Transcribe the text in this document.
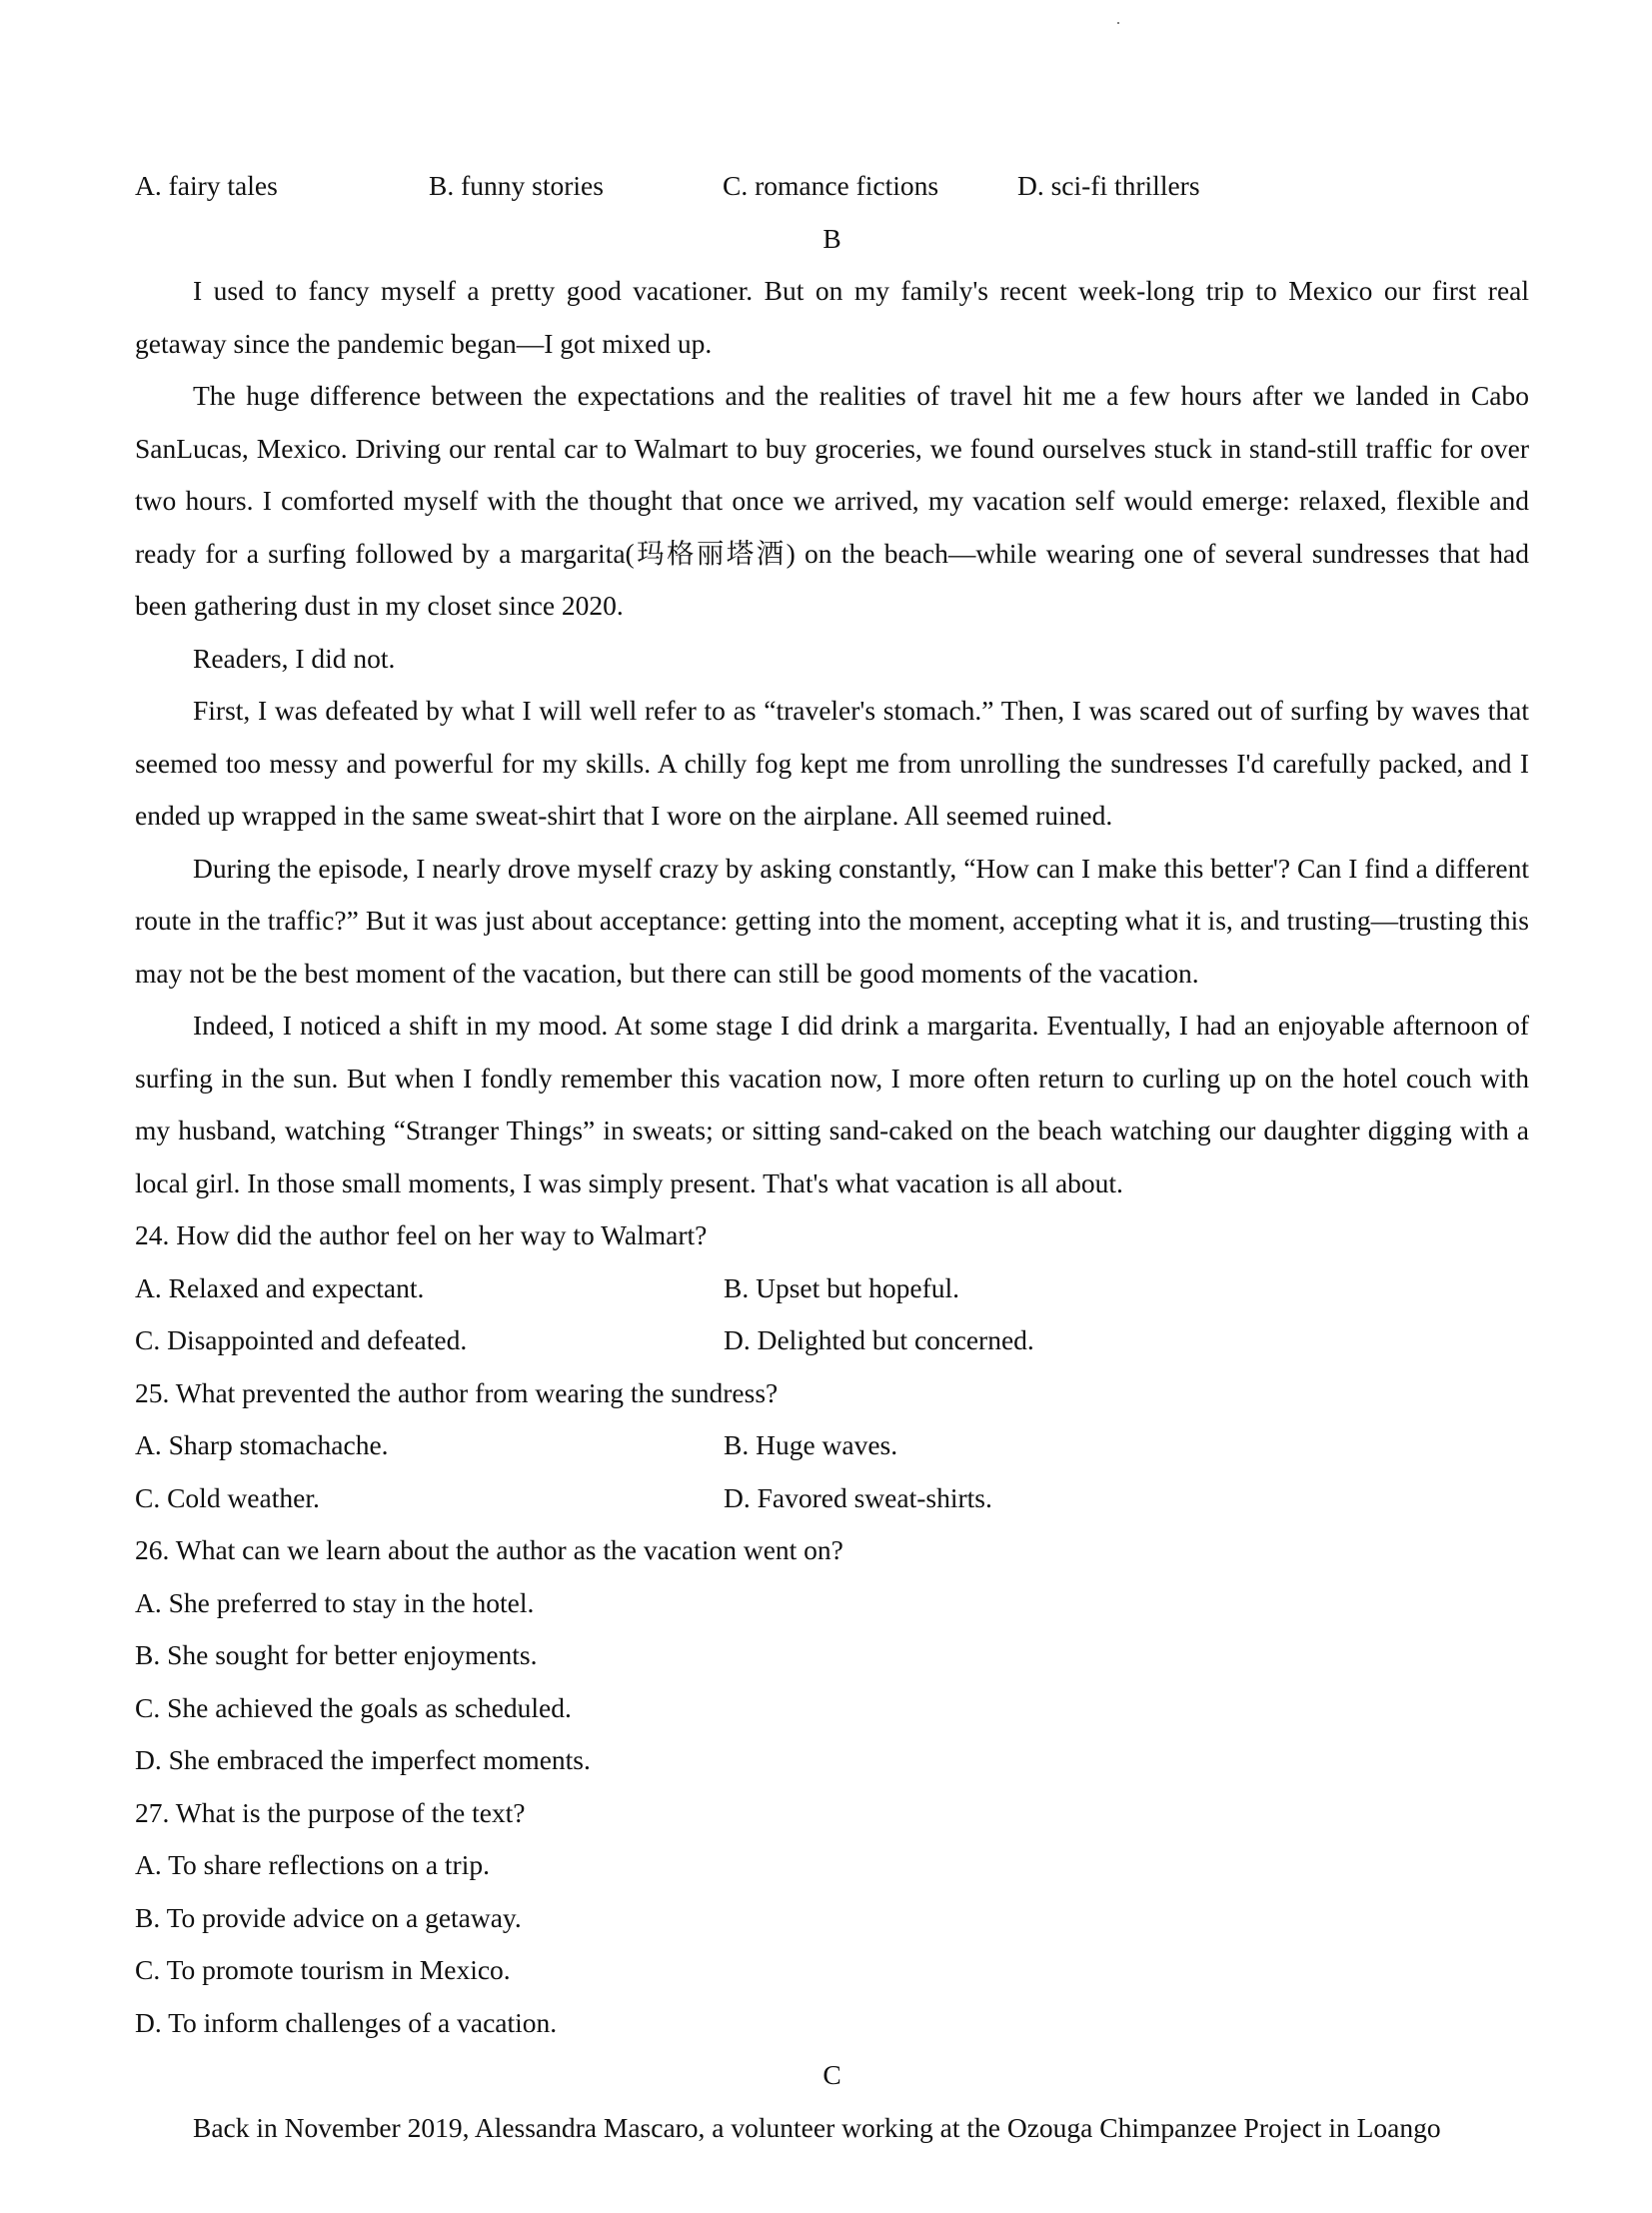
A. fairy tales	B. funny stories	C. romance fictions	D. sci-fi thrillers
B

I used to fancy myself a pretty good vacationer. But on my family's recent week-long trip to Mexico our first real getaway since the pandemic began—I got mixed up.

The huge difference between the expectations and the realities of travel hit me a few hours after we landed in Cabo SanLucas, Mexico. Driving our rental car to Walmart to buy groceries, we found ourselves stuck in stand-still traffic for over two hours. I comforted myself with the thought that once we arrived, my vacation self would emerge: relaxed, flexible and ready for a surfing followed by a margarita(玛格丽塔酒) on the beach—while wearing one of several sundresses that had been gathering dust in my closet since 2020.

Readers, I did not.

First, I was defeated by what I will well refer to as “traveler's stomach.” Then, I was scared out of surfing by waves that seemed too messy and powerful for my skills. A chilly fog kept me from unrolling the sundresses I'd carefully packed, and I ended up wrapped in the same sweat-shirt that I wore on the airplane. All seemed ruined.

During the episode, I nearly drove myself crazy by asking constantly, “How can I make this better'? Can I find a different route in the traffic?” But it was just about acceptance: getting into the moment, accepting what it is, and trusting—trusting this may not be the best moment of the vacation, but there can still be good moments of the vacation.

Indeed, I noticed a shift in my mood. At some stage I did drink a margarita. Eventually, I had an enjoyable afternoon of surfing in the sun. But when I fondly remember this vacation now, I more often return to curling up on the hotel couch with my husband, watching “Stranger Things” in sweats; or sitting sand-caked on the beach watching our daughter digging with a local girl. In those small moments, I was simply present. That's what vacation is all about.

24. How did the author feel on her way to Walmart?

A. Relaxed and expectant.	B. Upset but hopeful.
C. Disappointed and defeated.	D. Delighted but concerned.

25. What prevented the author from wearing the sundress?

A. Sharp stomachache.	B. Huge waves.
C. Cold weather.	D. Favored sweat-shirts.

26. What can we learn about the author as the vacation went on?

A. She preferred to stay in the hotel.
B. She sought for better enjoyments.
C. She achieved the goals as scheduled.
D. She embraced the imperfect moments.

27. What is the purpose of the text?

A. To share reflections on a trip.
B. To provide advice on a getaway.
C. To promote tourism in Mexico.
D. To inform challenges of a vacation.
C

Back in November 2019, Alessandra Mascaro, a volunteer working at the Ozouga Chimpanzee Project in Loango
